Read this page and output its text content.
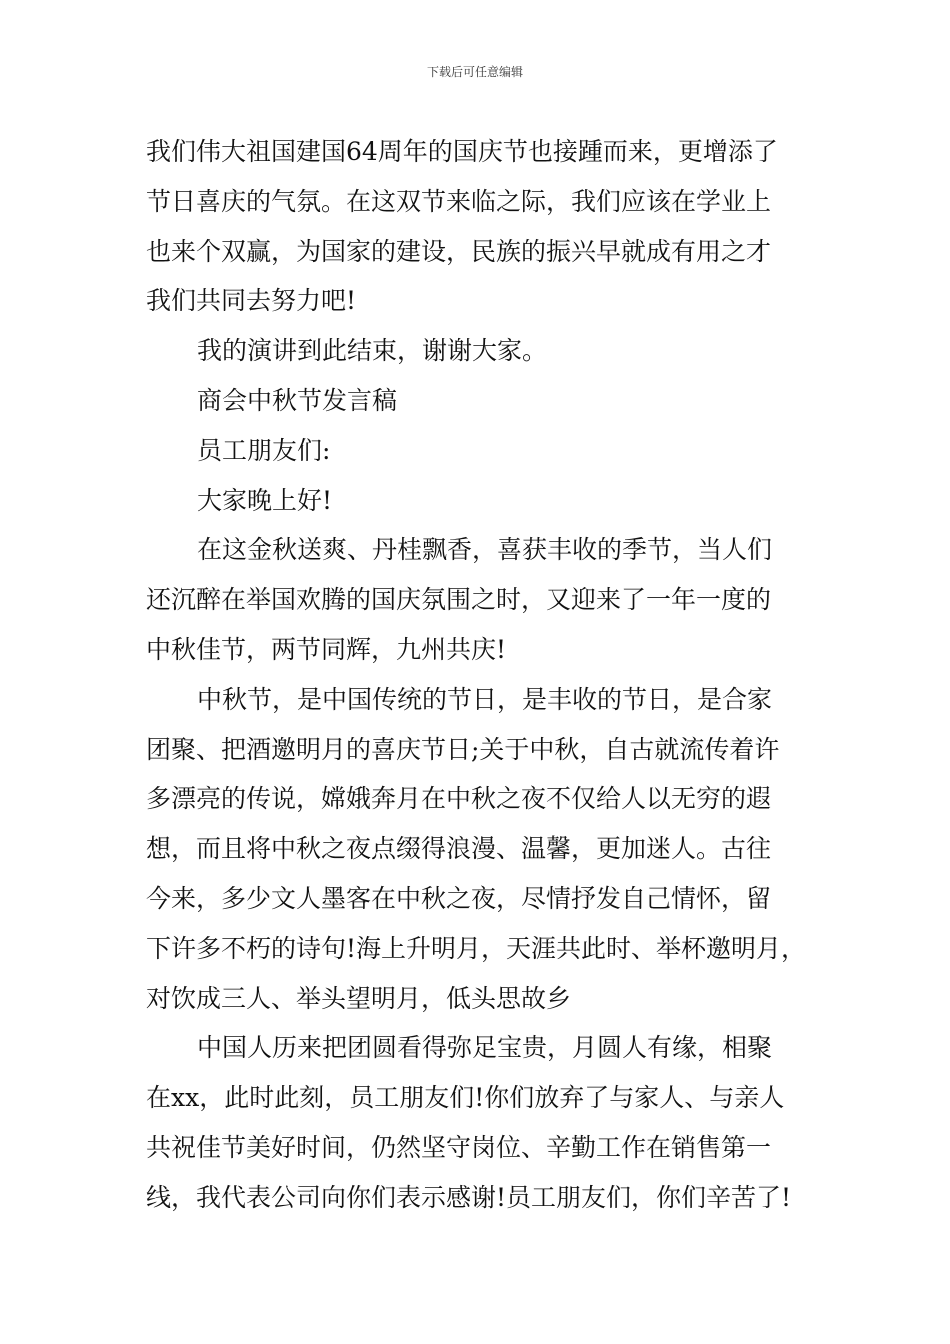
下载后可任意编辑
我们伟大祖国建国64周年的国庆节也接踵而来，更增添了
节日喜庆的气氛。在这双节来临之际，我们应该在学业上
也来个双赢，为国家的建设，民族的振兴早就成有用之才
我们共同去努力吧!
我的演讲到此结束，谢谢大家。
商会中秋节发言稿
员工朋友们:
大家晚上好!
在这金秋送爽、丹桂飘香，喜获丰收的季节，当人们
还沉醉在举国欢腾的国庆氛围之时，又迎来了一年一度的
中秋佳节，两节同辉，九州共庆!
中秋节，是中国传统的节日，是丰收的节日，是合家
团聚、把酒邀明月的喜庆节日;关于中秋，自古就流传着许
多漂亮的传说，嫦娥奔月在中秋之夜不仅给人以无穷的遐
想，而且将中秋之夜点缀得浪漫、温馨，更加迷人。古往
今来，多少文人墨客在中秋之夜，尽情抒发自己情怀，留
下许多不朽的诗句!海上升明月，天涯共此时、举杯邀明月，
对饮成三人、举头望明月，低头思故乡
中国人历来把团圆看得弥足宝贵，月圆人有缘，相聚
在xx，此时此刻，员工朋友们!你们放弃了与家人、与亲人
共祝佳节美好时间，仍然坚守岗位、辛勤工作在销售第一
线，我代表公司向你们表示感谢!员工朋友们，你们辛苦了!
